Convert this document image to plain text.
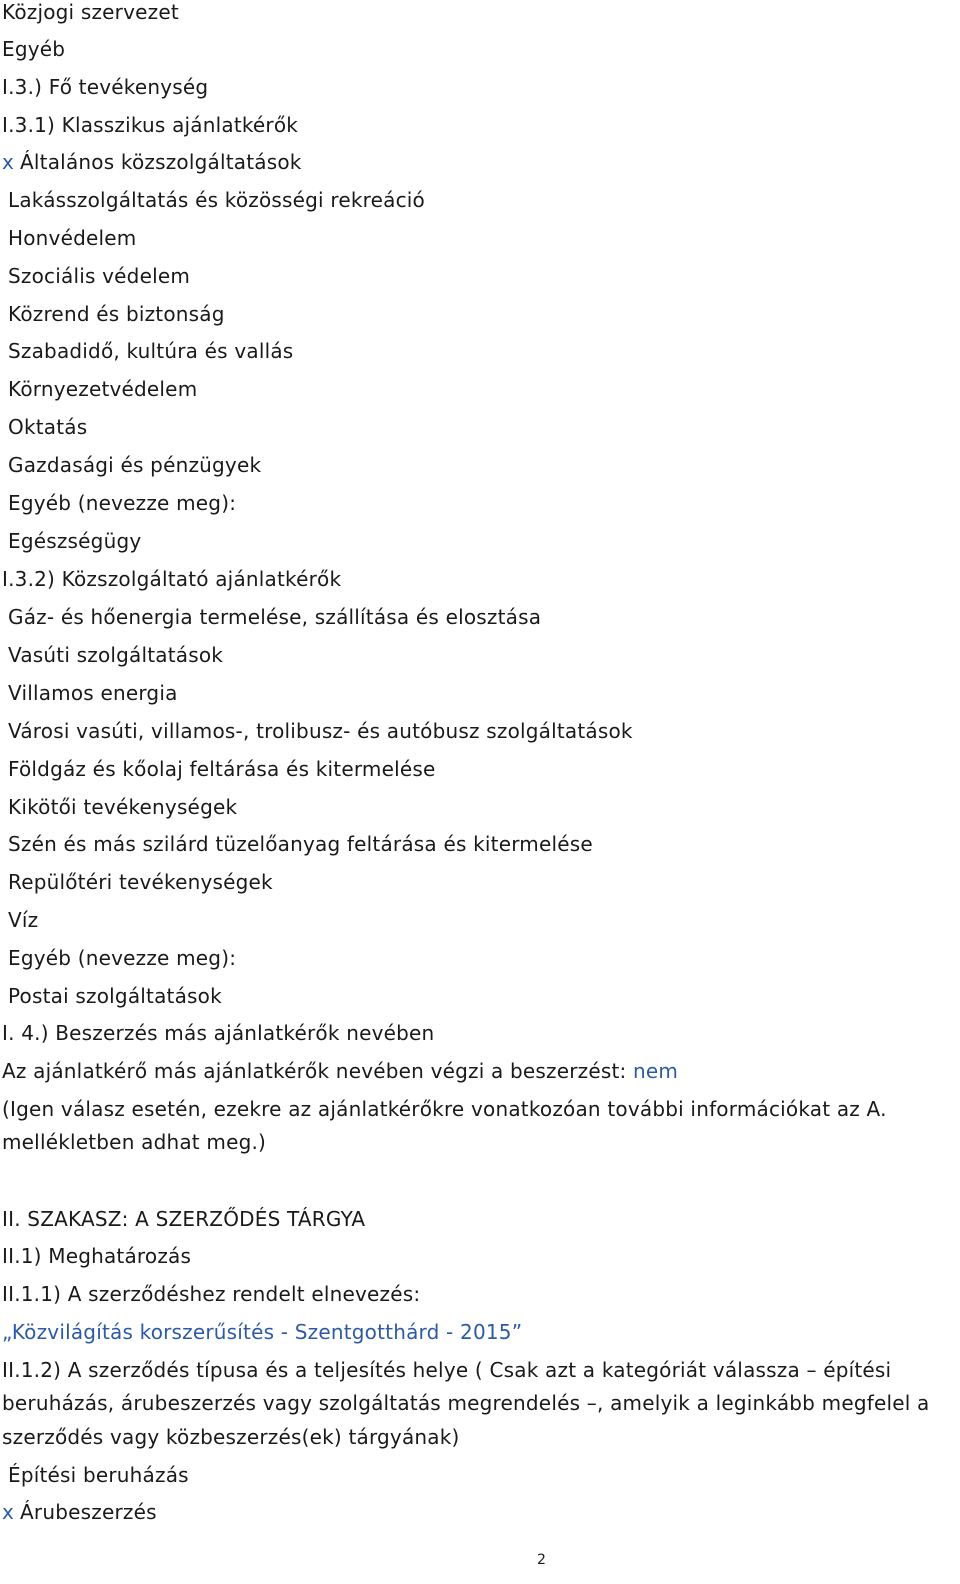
Közjogi szervezet
Egyéb
I.3.) Fő tevékenység
I.3.1) Klasszikus ajánlatkérők
x Általános közszolgáltatások
Lakásszolgáltatás és közösségi rekreáció
Honvédelem
Szociális védelem
Közrend és biztonság
Szabadidő, kultúra és vallás
Környezetvédelem
Oktatás
Gazdasági és pénzügyek
Egyéb (nevezze meg):
Egészségügy
I.3.2) Közszolgáltató ajánlatkérők
Gáz- és hőenergia termelése, szállítása és elosztása
Vasúti szolgáltatások
Villamos energia
Városi vasúti, villamos-, trolibusz- és autóbusz szolgáltatások
Földgáz és kőolaj feltárása és kitermelése
Kikötői tevékenységek
Szén és más szilárd tüzelőanyag feltárása és kitermelése
Repülőtéri tevékenységek
Víz
Egyéb (nevezze meg):
Postai szolgáltatások
I. 4.) Beszerzés más ajánlatkérők nevében
Az ajánlatkérő más ajánlatkérők nevében végzi a beszerzést: nem
(Igen válasz esetén, ezekre az ajánlatkérőkre vonatkozóan további információkat az A.
mellékletben adhat meg.)
II. SZAKASZ: A SZERZŐDÉS TÁRGYA
II.1) Meghatározás
II.1.1) A szerződéshez rendelt elnevezés:
„Közvilágítás korszerűsítés - Szentgotthárd - 2015”
II.1.2) A szerződés típusa és a teljesítés helye ( Csak azt a kategóriát válassza – építési
beruházás, árubeszerzés vagy szolgáltatás megrendelés –, amelyik a leginkább megfelel a
szerződés vagy közbeszerzés(ek) tárgyának)
Építési beruházás
x Árubeszerzés
2
